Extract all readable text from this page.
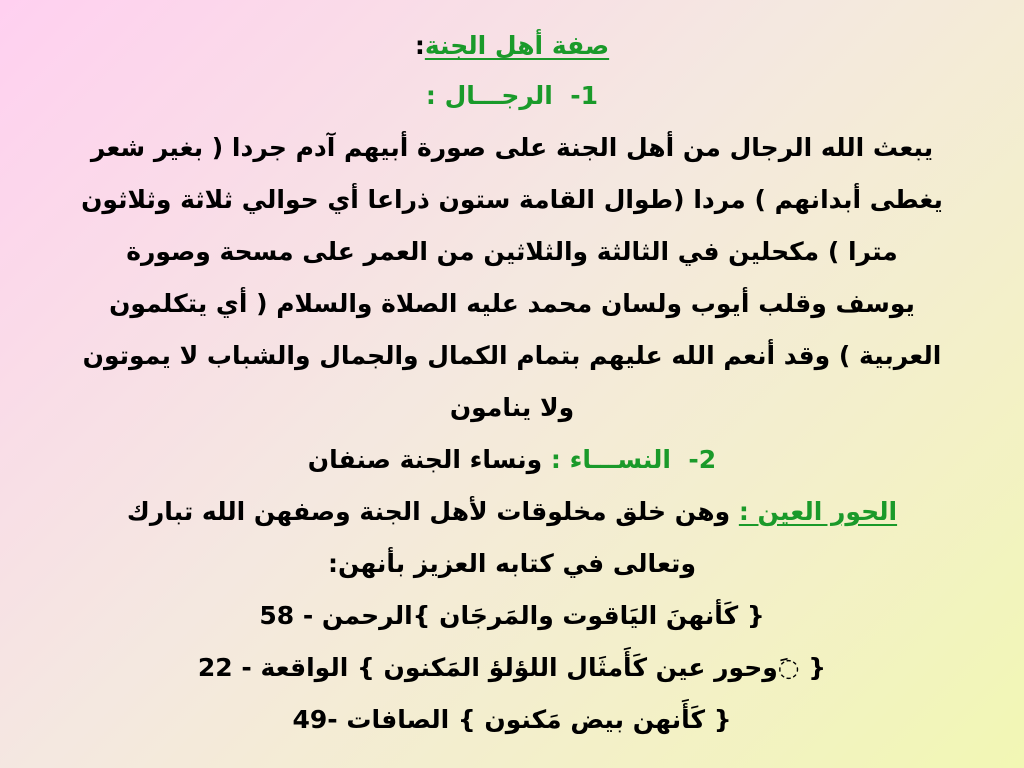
صفة أهل الجنة:

1-  الرجـــال :

يبعث الله الرجال من أهل الجنة على صورة أبيهم آدم جردا ( بغير شعر

يغطى أبدانهم ) مردا (طوال القامة ستون ذراعا أي حوالي ثلاثة وثلاثون

مترا ) مكحلين في الثالثة والثلاثين من العمر على مسحة وصورة

يوسف وقلب أيوب ولسان محمد عليه الصلاة والسلام ( أي يتكلمون

العربية ) وقد أنعم الله عليهم بتمام الكمال والجمال والشباب لا يموتون

ولا ينامون

2-  النســـاء : ونساء الجنة صنفان

الحور العين : وهن خلق مخلوقات لأهل الجنة وصفهن الله تبارك

وتعالى في كتابه العزيز بأنهن:

{ كَأنهنَ اليَاقوت والمَرجَان }الرحمن - 58

{ ◌َوحور عين كَأَمثَال اللؤلؤ المَكنون } الواقعة - 22

{ كَأَنهن بيض مَكنون } الصافات -49
